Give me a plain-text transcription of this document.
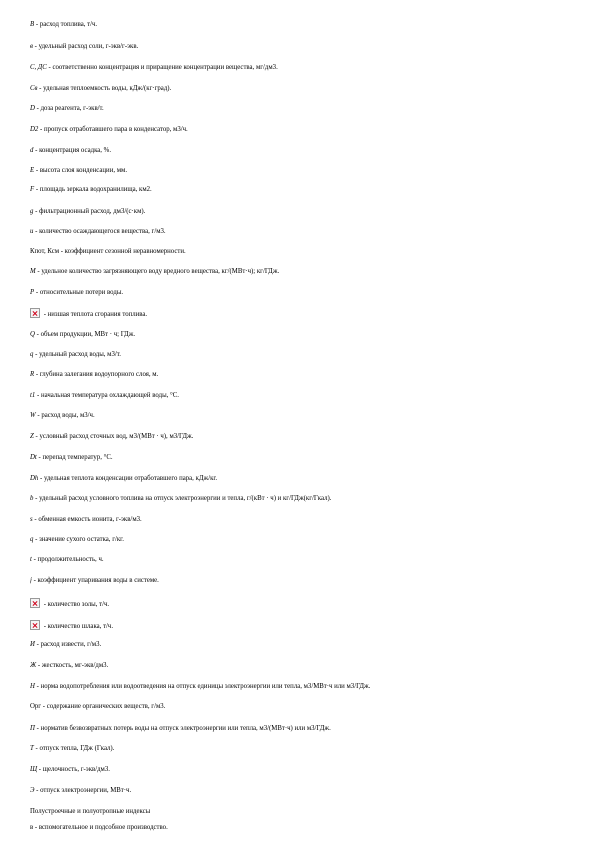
В - расход топлива, т/ч.
в - удельный расход соли, г-экв/г-экв.
С, ДС - соответственно концентрация и приращение концентрации вещества, мг/дм3.
Св - удельная теплоемкость воды, кДж/(кг·град).
D - доза реагента, г-экв/т.
D2 - пропуск отработавшего пара в конденсатор, м3/ч.
d - концентрация осадка, %.
Е - высота слоя конденсации, мм.
F - площадь зеркала водохранилища, км2.
g - фильтрационный расход, дм3/(с·км).
u - количество осаждающегося вещества, г/м3.
Кпот, Ксм - коэффициент сезонной неравномерности.
М - удельное количество загрязняющего воду вредного вещества, кг/(МВт·ч); кг/ГДж.
Р - относительные потери воды.
- низшая теплота сгорания топлива.
Q - объем продукции, МВт · ч; ГДж.
q - удельный расход воды, м3/т.
R - глубина залегания водоупорного слоя, м.
t1 - начальная температура охлаждающей воды, °С.
W - расход воды, м3/ч.
Z - условный расход сточных вод, м3/(МВт · ч), м3/ГДж.
Dt - перепад температур, °С.
Dh - удельная теплота конденсации отработавшего пара, кДж/кг.
b - удельный расход условного топлива на отпуск электроэнергии и тепла, г/(кВт · ч) и кг/ГДж(кг/Гкал).
s - обменная емкость ионита, г-экв/м3.
q - значение сухого остатка, г/кг.
t - продолжительность, ч.
j - коэффициент упаривания воды в системе.
- количество золы, т/ч.
- количество шлака, т/ч.
И - расход извести, г/м3.
Ж - жесткость, мг-экв/дм3.
Н - норма водопотребления или водоотведения на отпуск единицы электроэнергии или тепла, м3/МВт·ч или м3/ГДж.
Орг - содержание органических веществ, г/м3.
П - норматив безвозвратных потерь воды на отпуск электроэнергии или тепла, м3/(МВт·ч) или м3/ГДж.
Т - отпуск тепла, ГДж (Гкал).
Щ - щелочность, г-экв/дм3.
Э - отпуск электроэнергии, МВт·ч.
Полустроечные и полуотропные индексы
в - вспомогательное и подсобное производство.
